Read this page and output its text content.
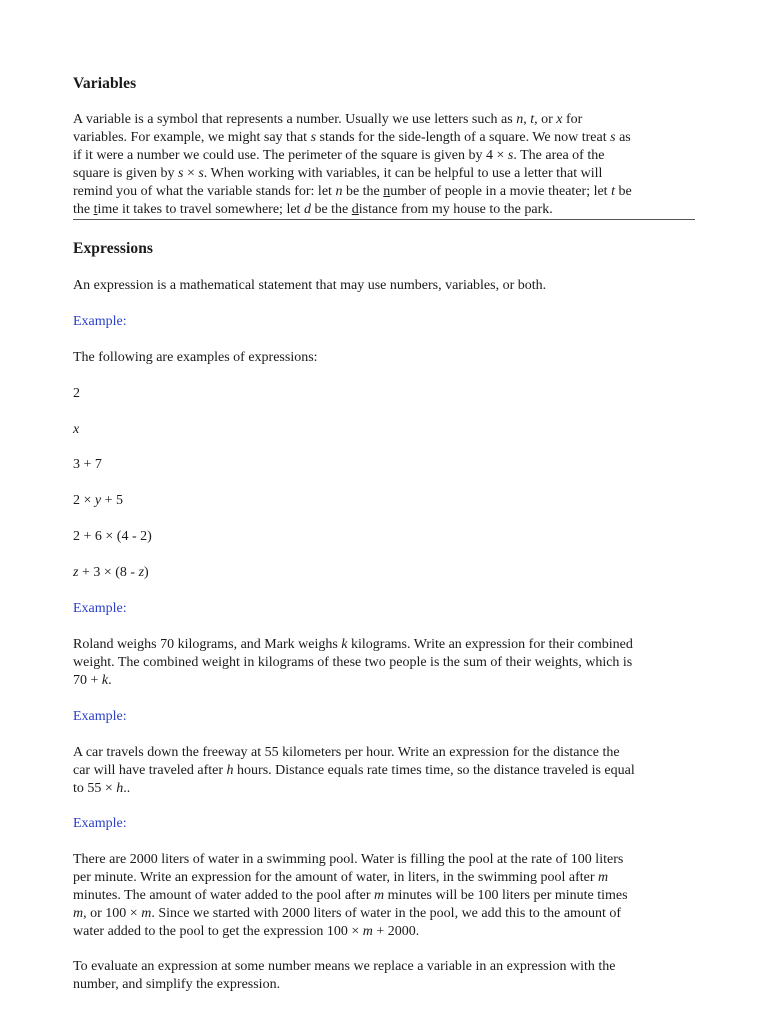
Variables
A variable is a symbol that represents a number. Usually we use letters such as n, t, or x for
variables. For example, we might say that s stands for the side-length of a square. We now treat s as
if it were a number we could use. The perimeter of the square is given by 4 × s. The area of the
square is given by s × s. When working with variables, it can be helpful to use a letter that will
remind you of what the variable stands for: let n be the number of people in a movie theater; let t be
the time it takes to travel somewhere; let d be the distance from my house to the park.
Expressions
An expression is a mathematical statement that may use numbers, variables, or both.
Example:
The following are examples of expressions:
2
x
3 + 7
2 × y + 5
2 + 6 × (4 - 2)
z + 3 × (8 - z)
Example:
Roland weighs 70 kilograms, and Mark weighs k kilograms. Write an expression for their combined
weight. The combined weight in kilograms of these two people is the sum of their weights, which is
70 + k.
Example:
A car travels down the freeway at 55 kilometers per hour. Write an expression for the distance the
car will have traveled after h hours. Distance equals rate times time, so the distance traveled is equal
to 55 × h..
Example:
There are 2000 liters of water in a swimming pool. Water is filling the pool at the rate of 100 liters
per minute. Write an expression for the amount of water, in liters, in the swimming pool after m
minutes. The amount of water added to the pool after m minutes will be 100 liters per minute times
m, or 100 × m. Since we started with 2000 liters of water in the pool, we add this to the amount of
water added to the pool to get the expression 100 × m + 2000.
To evaluate an expression at some number means we replace a variable in an expression with the
number, and simplify the expression.
